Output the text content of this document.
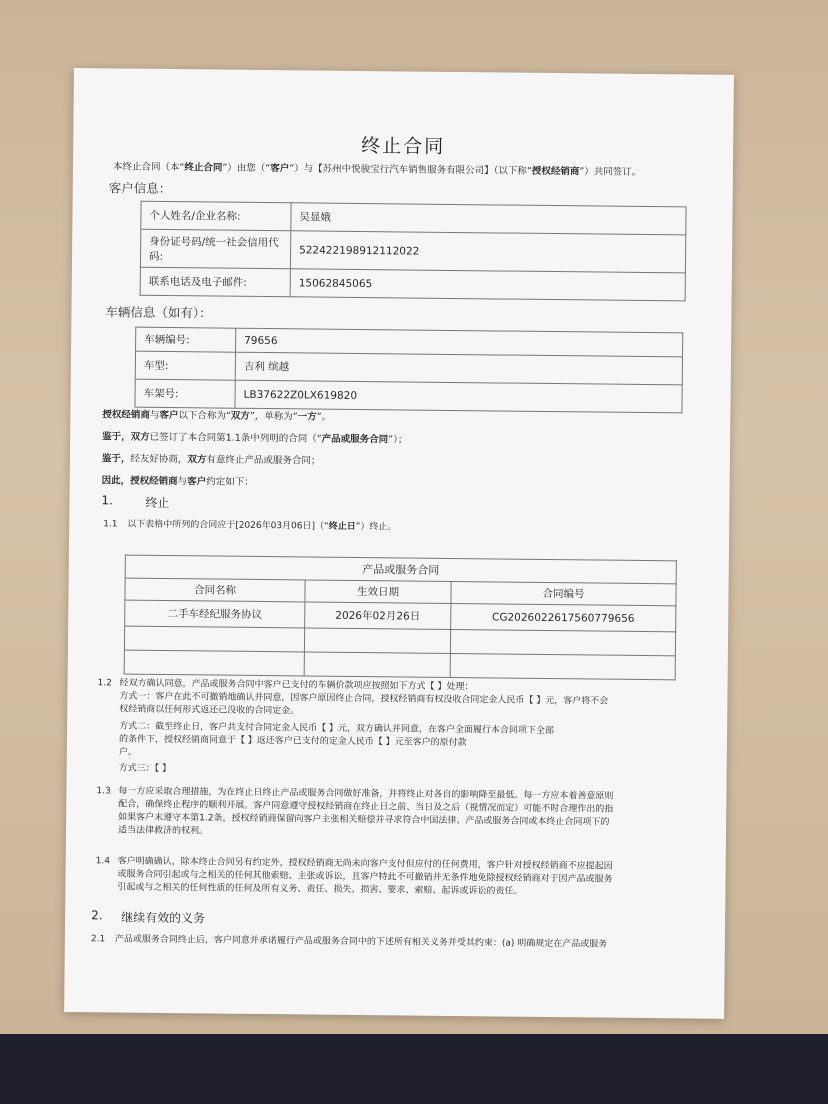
终止合同
本终止合同（本“终止合同”）由您（“客户”）与【苏州中悦骏宝行汽车销售服务有限公司】（以下称“授权经销商”）共同签订。
客户信息：
个人姓名/企业名称:	吴显娥
身份证号码/统一社会信用代码:	522422198912112022
联系电话及电子邮件:	15062845065
车辆信息（如有）：
车辆编号:	79656
车型:	吉利 缤越
车架号:	LB37622Z0LX619820
授权经销商与客户以下合称为“双方”，单称为“一方”。
鉴于，双方已签订了本合同第1.1条中列明的合同（“产品或服务合同”）；
鉴于，经友好协商，双方有意终止产品或服务合同；
因此，授权经销商与客户约定如下：
1.	终止
1.1 以下表格中所列的合同应于[2026年03月06日]（“终止日”）终止。
产品或服务合同		
合同名称	生效日期	合同编号
二手车经纪服务协议	2026年02月26日	CG2026022617560779656

1.2 经双方确认同意，产品或服务合同中客户已支付的车辆价款项应按照如下方式【 】处理：
方式一：客户在此不可撤销地确认并同意，因客户原因终止合同，授权经销商有权没收合同定金人民币【 】元，客户将不会
权经销商以任何形式返还已没收的合同定金。
方式二：截至终止日，客户共支付合同定金人民币【 】元，双方确认并同意，在客户全面履行本合同项下全部
的条件下，授权经销商同意于【 】返还客户已支付的定金人民币【 】元至客户的原付款
户。
方式三：【 】
1.3 每一方应采取合理措施，为在终止日终止产品或服务合同做好准备，并将终止对各自的影响降至最低。每一方应本着善意原则
配合，确保终止程序的顺利开展。客户同意遵守授权经销商在终止日之前、当日及之后（视情况而定）可能不时合理作出的指
如果客户未遵守本第1.2条，授权经销商保留向客户主张相关赔偿并寻求符合中国法律、产品或服务合同或本终止合同项下的
适当法律救济的权利。
1.4 客户明确确认，除本终止合同另有约定外，授权经销商无尚未向客户支付但应付的任何费用，客户针对授权经销商不应提起因
或服务合同引起或与之相关的任何其他索赔、主张或诉讼，且客户特此不可撤销并无条件地免除授权经销商对于因产品或服务
引起或与之相关的任何性质的任何及所有义务、责任、损失、损害、要求、索赔、起诉或诉讼的责任。
2. 继续有效的义务
2.1 产品或服务合同终止后，客户同意并承诺履行产品或服务合同中的下述所有相关义务并受其约束：(a) 明确规定在产品或服务
